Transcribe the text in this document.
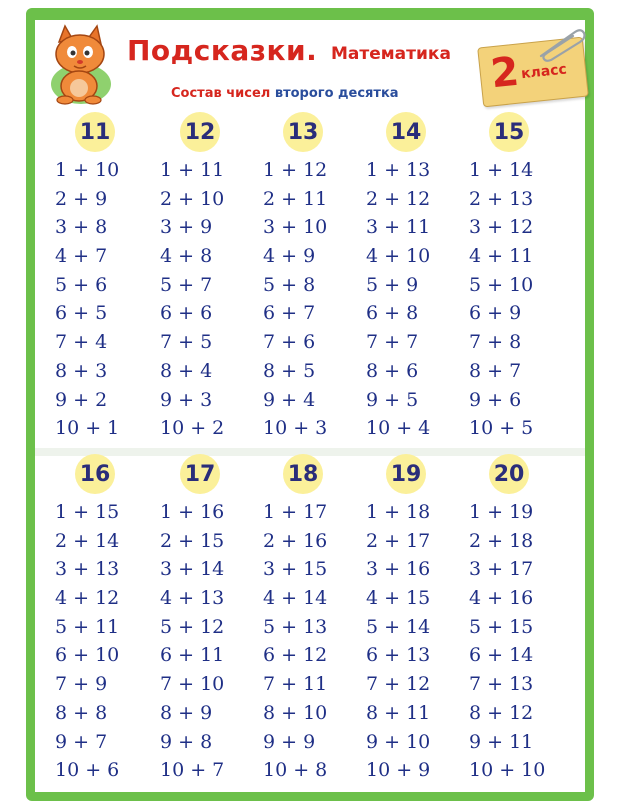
Подсказки. Математика
Состав чисел второго десятка 2 класс
11
1 + 10
2 + 9
3 + 8
4 + 7
5 + 6
6 + 5
7 + 4
8 + 3
9 + 2
10 + 1
12
1 + 11
2 + 10
3 + 9
4 + 8
5 + 7
6 + 6
7 + 5
8 + 4
9 + 3
10 + 2
13
1 + 12
2 + 11
3 + 10
4 + 9
5 + 8
6 + 7
7 + 6
8 + 5
9 + 4
10 + 3
14
1 + 13
2 + 12
3 + 11
4 + 10
5 + 9
6 + 8
7 + 7
8 + 6
9 + 5
10 + 4
15
1 + 14
2 + 13
3 + 12
4 + 11
5 + 10
6 + 9
7 + 8
8 + 7
9 + 6
10 + 5
16
1 + 15
2 + 14
3 + 13
4 + 12
5 + 11
6 + 10
7 + 9
8 + 8
9 + 7
10 + 6
17
1 + 16
2 + 15
3 + 14
4 + 13
5 + 12
6 + 11
7 + 10
8 + 9
9 + 8
10 + 7
18
1 + 17
2 + 16
3 + 15
4 + 14
5 + 13
6 + 12
7 + 11
8 + 10
9 + 9
10 + 8
19
1 + 18
2 + 17
3 + 16
4 + 15
5 + 14
6 + 13
7 + 12
8 + 11
9 + 10
10 + 9
20
1 + 19
2 + 18
3 + 17
4 + 16
5 + 15
6 + 14
7 + 13
8 + 12
9 + 11
10 + 10
